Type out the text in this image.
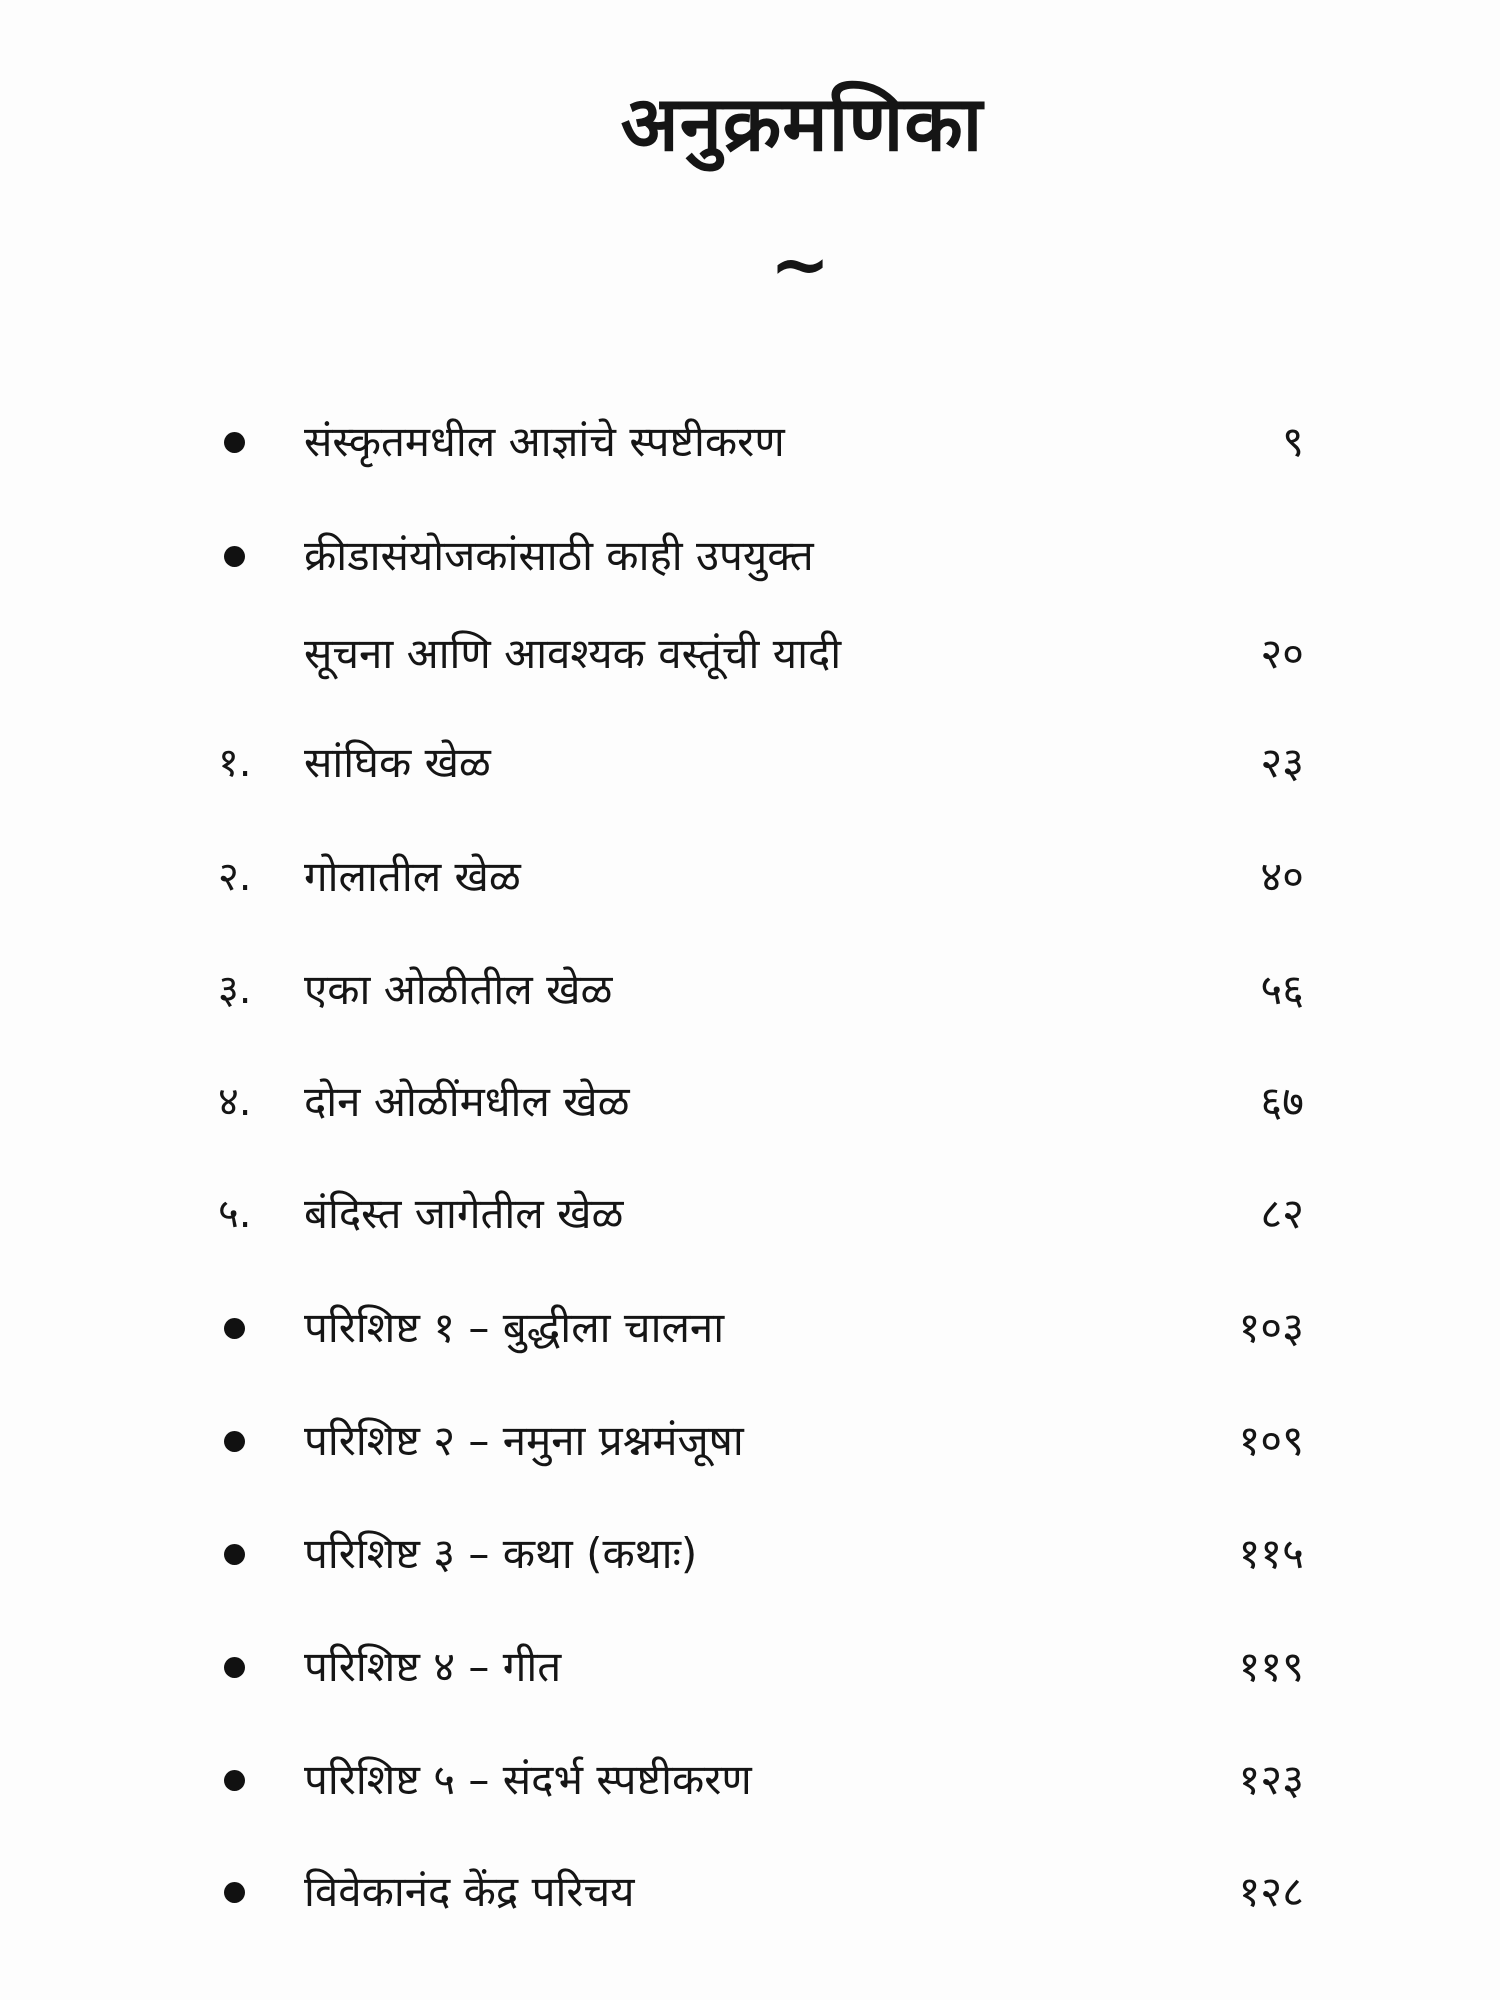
अनुक्रमणिका
~
संस्कृतमधील आज्ञांचे स्पष्टीकरण	९
क्रीडासंयोजकांसाठी काही उपयुक्त
सूचना आणि आवश्यक वस्तूंची यादी	२०
१.	सांघिक खेळ	२३
२.	गोलातील खेळ	४०
३.	एका ओळीतील खेळ	५६
४.	दोन ओळींमधील खेळ	६७
५.	बंदिस्त जागेतील खेळ	८२
परिशिष्ट १ – बुद्धीला चालना	१०३
परिशिष्ट २ – नमुना प्रश्नमंजूषा	१०९
परिशिष्ट ३ – कथा (कथाः)	११५
परिशिष्ट ४ – गीत	११९
परिशिष्ट ५ – संदर्भ स्पष्टीकरण	१२३
विवेकानंद केंद्र परिचय	१२८
